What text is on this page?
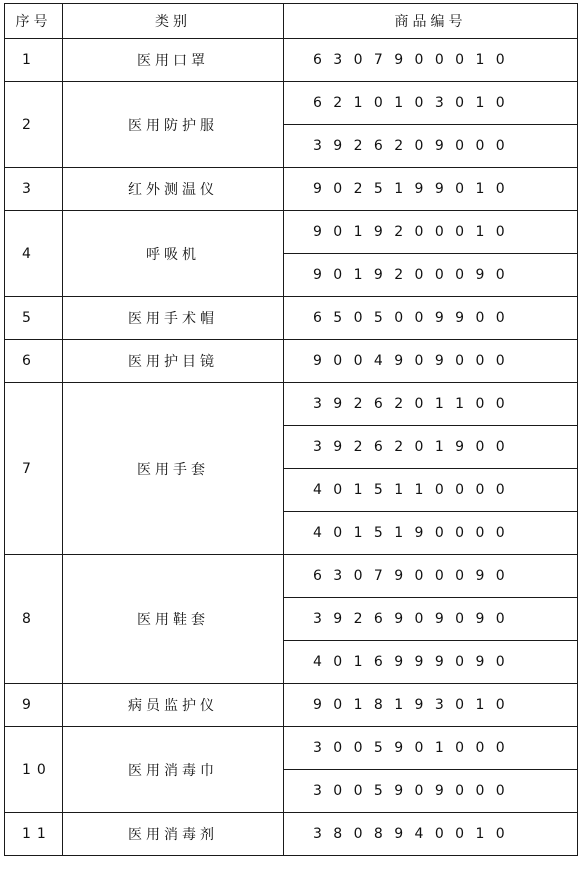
序号	类别	商品编号
1	医用口罩	6307900010
2	医用防护服	6210103010
		3926209000
3	红外测温仪	9025199010
4	呼吸机	9019200010
		9019200090
5	医用手术帽	6505009900
6	医用护目镜	9004909000
7	医用手套	3926201100
		3926201900
		4015110000
		4015190000
8	医用鞋套	6307900090
		3926909090
		4016999090
9	病员监护仪	9018193010
10	医用消毒巾	3005901000
		3005909000
11	医用消毒剂	3808940010
